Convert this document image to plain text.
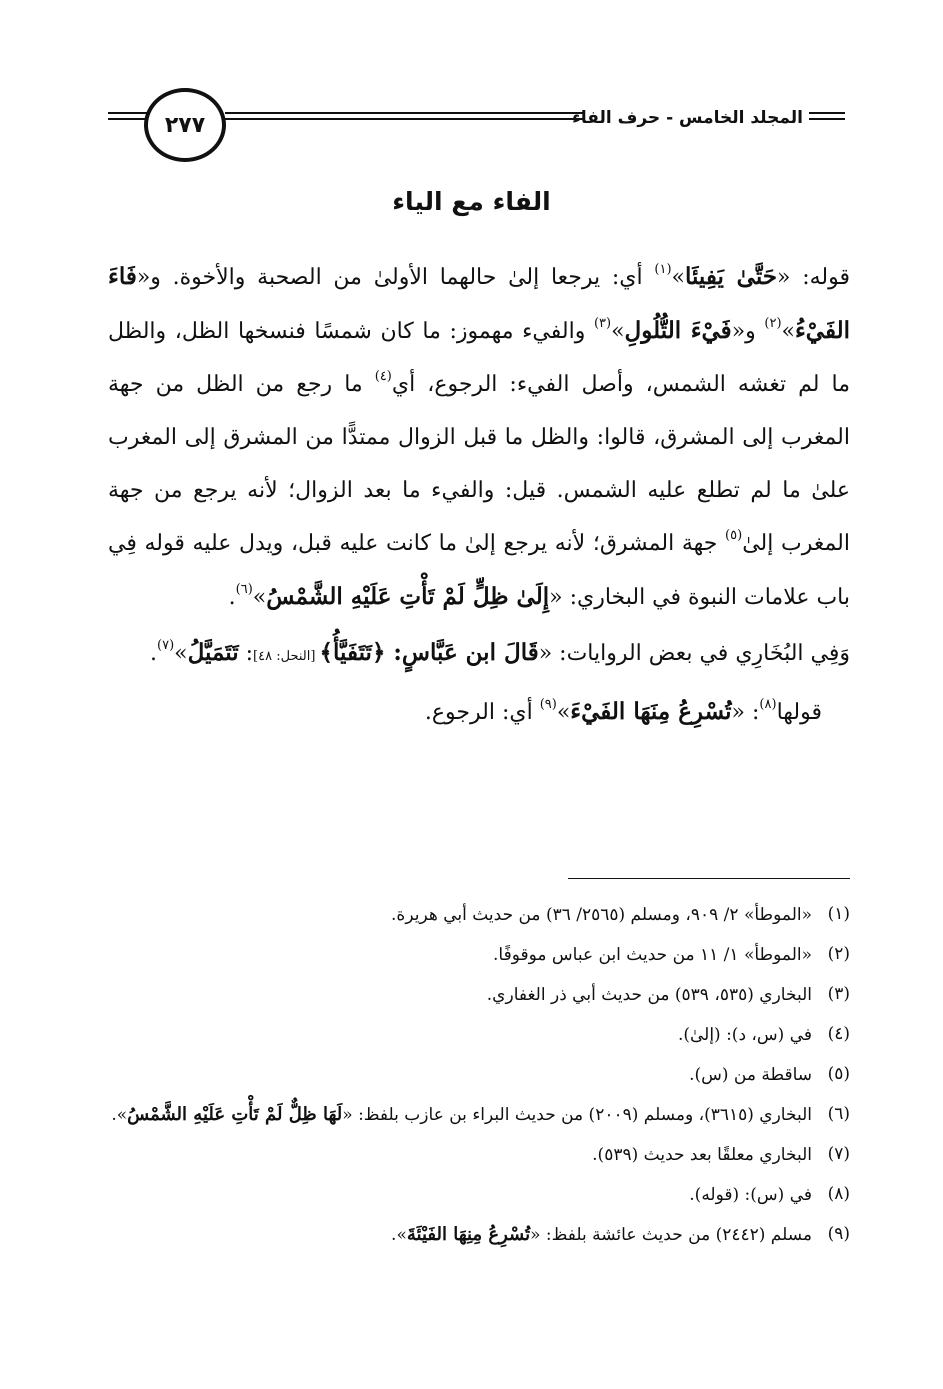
المجلد الخامس - حرف الفاء
٢٧٧
الفاء مع الياء

قوله: «حَتَّىٰ يَفِيئَا»$^{(١)}$ أي: يرجعا إلىٰ حالهما الأولىٰ من الصحبة والأخوة. و«فَاءَ الفَيْءُ»$^{(٢)}$ و«فَيْءَ التُّلُولِ»$^{(٣)}$ والفيء مهموز: ما كان شمسًا فنسخها الظل، والظل ما لم تغشه الشمس، وأصل الفيء: الرجوع، أي$^{(٤)}$ ما رجع من الظل من جهة المغرب إلى المشرق، قالوا: والظل ما قبل الزوال ممتدًّا من المشرق إلى المغرب علىٰ ما لم تطلع عليه الشمس. قيل: والفيء ما بعد الزوال؛ لأنه يرجع من جهة المغرب إلىٰ$^{(٥)}$ جهة المشرق؛ لأنه يرجع إلىٰ ما كانت عليه قبل، ويدل عليه قوله فِي باب علامات النبوة في البخاري: «إِلَىٰ ظِلٍّ لَمْ تَأْتِ عَلَيْهِ الشَّمْسُ»$^{(٦)}$.

وَفِي البُخَارِي في بعض الروايات: «قَالَ ابن عَبَّاسٍ: ﴿تَتَفَيَّأُ﴾ [النحل: ٤٨]: تَتَمَيَّلُ»$^{(٧)}$.

قولها$^{(٨)}$: «تُسْرِعُ مِنَهَا الفَيْءَ»$^{(٩)}$ أي: الرجوع.

(١)
«الموطأ» ٢/ ٩٠٩، ومسلم (٢٥٦٥/ ٣٦) من حديث أبي هريرة.
(٢)
«الموطأ» ١/ ١١ من حديث ابن عباس موقوفًا.
(٣)
البخاري (٥٣٥، ٥٣٩) من حديث أبي ذر الغفاري.
(٤)
في (س، د): (إلىٰ).
(٥)
ساقطة من (س).
(٦)
البخاري (٣٦١٥)، ومسلم (٢٠٠٩) من حديث البراء بن عازب بلفظ: «لَهَا ظِلٌّ لَمْ تَأْتِ عَلَيْهِ الشَّمْسُ».
(٧)
البخاري معلقًا بعد حديث (٥٣٩).
(٨)
في (س): (قوله).
(٩)
مسلم (٢٤٤٢) من حديث عائشة بلفظ: «تُسْرِعُ مِنِهَا الفَيْئَةَ».
